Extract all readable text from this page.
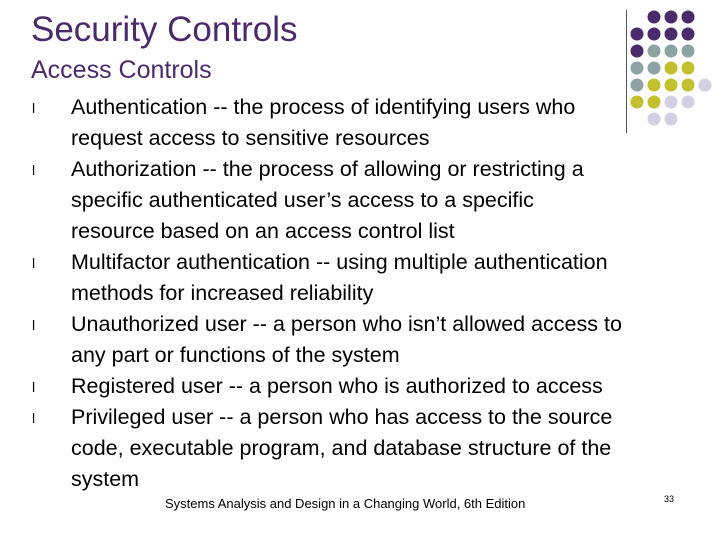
Security Controls
Access Controls
l Authentication -- the process of identifying users who
request access to sensitive resources
l Authorization -- the process of allowing or restricting a
specific authenticated user’s access to a specific
resource based on an access control list
l Multifactor authentication -- using multiple authentication
methods for increased reliability
l Unauthorized user -- a person who isn’t allowed access to
any part or functions of the system
l Registered user -- a person who is authorized to access
l Privileged user -- a person who has access to the source
code, executable program, and database structure of the
system
Systems Analysis and Design in a Changing World, 6th Edition	33
